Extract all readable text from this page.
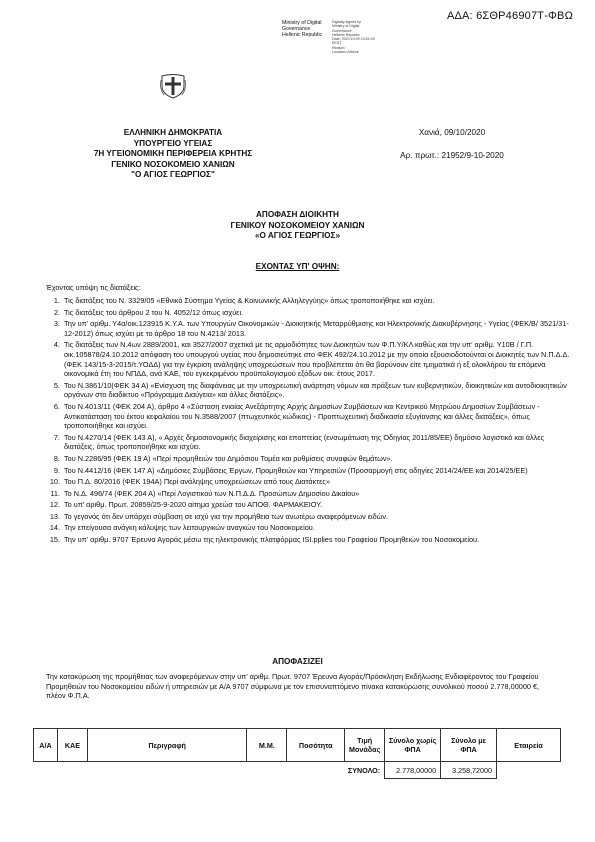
ΑΔΑ: 6ΣΘΡ46907Τ-ΦΒΩ
Ministry of Digital
Governance
Hellenic Republic
Digitally signed by
Ministry of Digital
Governance,
Hellenic Republic
Date: 2020.10.09 13:51:09
EEST
Reason:
Location: Athens
ΕΛΛΗΝΙΚΗ ΔΗΜΟΚΡΑΤΙΑ
ΥΠΟΥΡΓΕΙΟ ΥΓΕΙΑΣ
7Η ΥΓΕΙΟΝΟΜΙΚΗ ΠΕΡΙΦΕΡΕΙΑ ΚΡΗΤΗΣ
ΓΕΝΙΚΟ ΝΟΣΟΚΟΜΕΙΟ ΧΑΝΙΩΝ
"Ο ΑΓΙΟΣ ΓΕΩΡΓΙΟΣ"
Χανιά, 09/10/2020
Αρ. πρωτ.: 21952/9-10-2020
ΑΠΟΦΑΣΗ ΔΙΟΙΚΗΤΗ
ΓΕΝΙΚΟΥ ΝΟΣΟΚΟΜΕΙΟΥ ΧΑΝΙΩΝ
«Ο ΑΓΙΟΣ ΓΕΩΡΓΙΟΣ»
ΕΧΟΝΤΑΣ ΥΠ' ΟΨΗΝ:
Έχοντας υπόψη τις διατάξεις:
1. Τις διατάξεις του Ν. 3329/05 «Εθνικό Σύστημα Υγείας & Κοινωνικής Αλληλεγγύης» όπως τροποποιήθηκε και ισχύει.
2. Τις διατάξεις του άρθρου 2 του Ν. 4052/12 όπως ισχύει.
3. Την υπ' αριθμ. Υ4α/οικ.123915 Κ.Υ.Α. των Υπουργών Οικονομικών - Διοικητικής Μεταρρύθμισης και Ηλεκτρονικής Διακυβέρνησης - Υγείας (ΦΕΚ/Β/ 3521/31-12-2012) όπως ισχύει με το άρθρο 18 του Ν.4213/ 2013.
4. Τις διατάξεις των Ν.4ων 2889/2001, και 3527/2007 σχετικά με τις αρμοδιότητες των Διοικητών των Φ.Π.Υ/ΚΛ καθώς και την υπ' αριθμ. Υ10Β / Γ.Π. οικ.105878/24.10.2012 απόφαση του υπουργού υγείας που δημοσιεύτηκε στο ΦΕΚ 492/24.10.2012 με την οποία εξουσιοδοτούνται οι Διοικητές των Ν.Π.Δ.Δ. (ΦΕΚ 143/15-3-2015/τ.ΥΟΔΔ) για την έγκριση ανάληψης υποχρεώσεων που προβλέπεται ότι θα βαρύνουν είτε τμηματικά ή εξ ολοκλήρου τα επόμενα οικονομικά έτη του ΝΠΔΔ, ανά ΚΑΕ, του εγκεκριμένου προϋπολογισμού εξόδων οικ. έτους 2017.
5. Του Ν.3861/10(ΦΕΚ 34 Α) «Ενίσχυση της διαφάνειας με την υποχρεωτική ανάρτηση νόμων και πράξεων των κυβερνητικών, διοικητικών και αυτοδιοικητικών οργάνων στο διαδίκτυο «Πρόγραμμα Διαύγεια» και άλλες διατάξεις».
6. Του Ν.4013/11 (ΦΕΚ 204 Α), άρθρο 4 «Σύσταση ενιαίας Ανεξάρτητης Αρχής Δημοσίων Συμβάσεων και Κεντρικού Μητρώου Δημοσίων Συμβάσεων - Αντικατάσταση του έκτου κεφαλαίου του Ν.3588/2007 (πτωχευτικός κώδικας) - Προπτωχευτική διαδικασία εξυγίανσης και άλλες διατάξεις», όπως τροποποιήθηκε και ισχύει.
7. Του Ν.4270/14 (ΦΕΚ 143 Α), « Αρχές δημοσιονομικής διαχείρισης και εποπτείας (ενσωμάτωση της Οδηγίας 2011/85/ΕΕ) δημόσιο λογιστικό και άλλες διατάξεις, όπως τροποποιήθηκε και ισχύει.
8. Του Ν.2286/95 (ΦΕΚ 19 Α) «Περί προμηθειών του Δημόσιου Τομέα και ρυθμίσεις συναφών θεμάτων».
9. Του Ν.4412/16 (ΦΕΚ 147 Α) «Δημόσιες Συμβάσεις Έργων, Προμηθειών και Υπηρεσιών (Προσαρμογή στις οδηγίες 2014/24/ΕΕ και 2014/25/ΕΕ)
10. Του Π.Δ. 80/2016 (ΦΕΚ 194Α) Περί ανάληψης υποχρεώσεων από τους Διατάκτες»
11. Το Ν.Δ. 496/74 (ΦΕΚ 204 Α) «Περί Λογιστικού των Ν.Π.Δ.Δ. Προσώπων Δημοσίου Δικαίου»
12. Το υπ' αριθμ. Πρωτ. 20859/25-9-2020 αίτημα χρεώσ του ΑΠΟΘ. ΦΑΡΜΑΚΕΙΟΥ.
13. Το γεγονός ότι δεν υπάρχει σύμβαση σε ισχύ για την προμήθεια των ανωτέρω αναφερόμενων ειδών.
14. Την επείγουσα ανάγκη κάλυψης των λειτουργικών αναγκών του Νοσοκομείου.
15. Την υπ' αριθμ. 9707 Έρευνα Αγοράς μέσω της ηλεκτρονικής πλατφόρμας ISI.pplies του Γραφείου Προμηθειών του Νοσοκομείου.
ΑΠΟΦΑΣΙΖΕΙ
Την κατακύρωση της προμήθειας των αναφερόμενων στην υπ' αριθμ. Πρωτ. 9707 Έρευνα Αγοράς/Πρόσκληση Εκδήλωσης Ενδιαφέροντος του Γραφείου Προμηθειών του Νοσοκομείου ειδών ή υπηρεσιών με Α/Α 9707 σύμφωνα με τον επισυναπτόμενο πίνακα κατακύρωσης συνολικού ποσού 2.778,00000 €, πλέον Φ.Π.Α.
Α/Α	ΚΑΕ	Περιγραφή	Μ.Μ.	Ποσότητα	Τιμή Μονάδας	Σύνολο χωρίς ΦΠΑ	Σύνολο με ΦΠΑ	Εταιρεία
ΣΥΝΟΛΟ:						2.778,00000	3.258,72000	
